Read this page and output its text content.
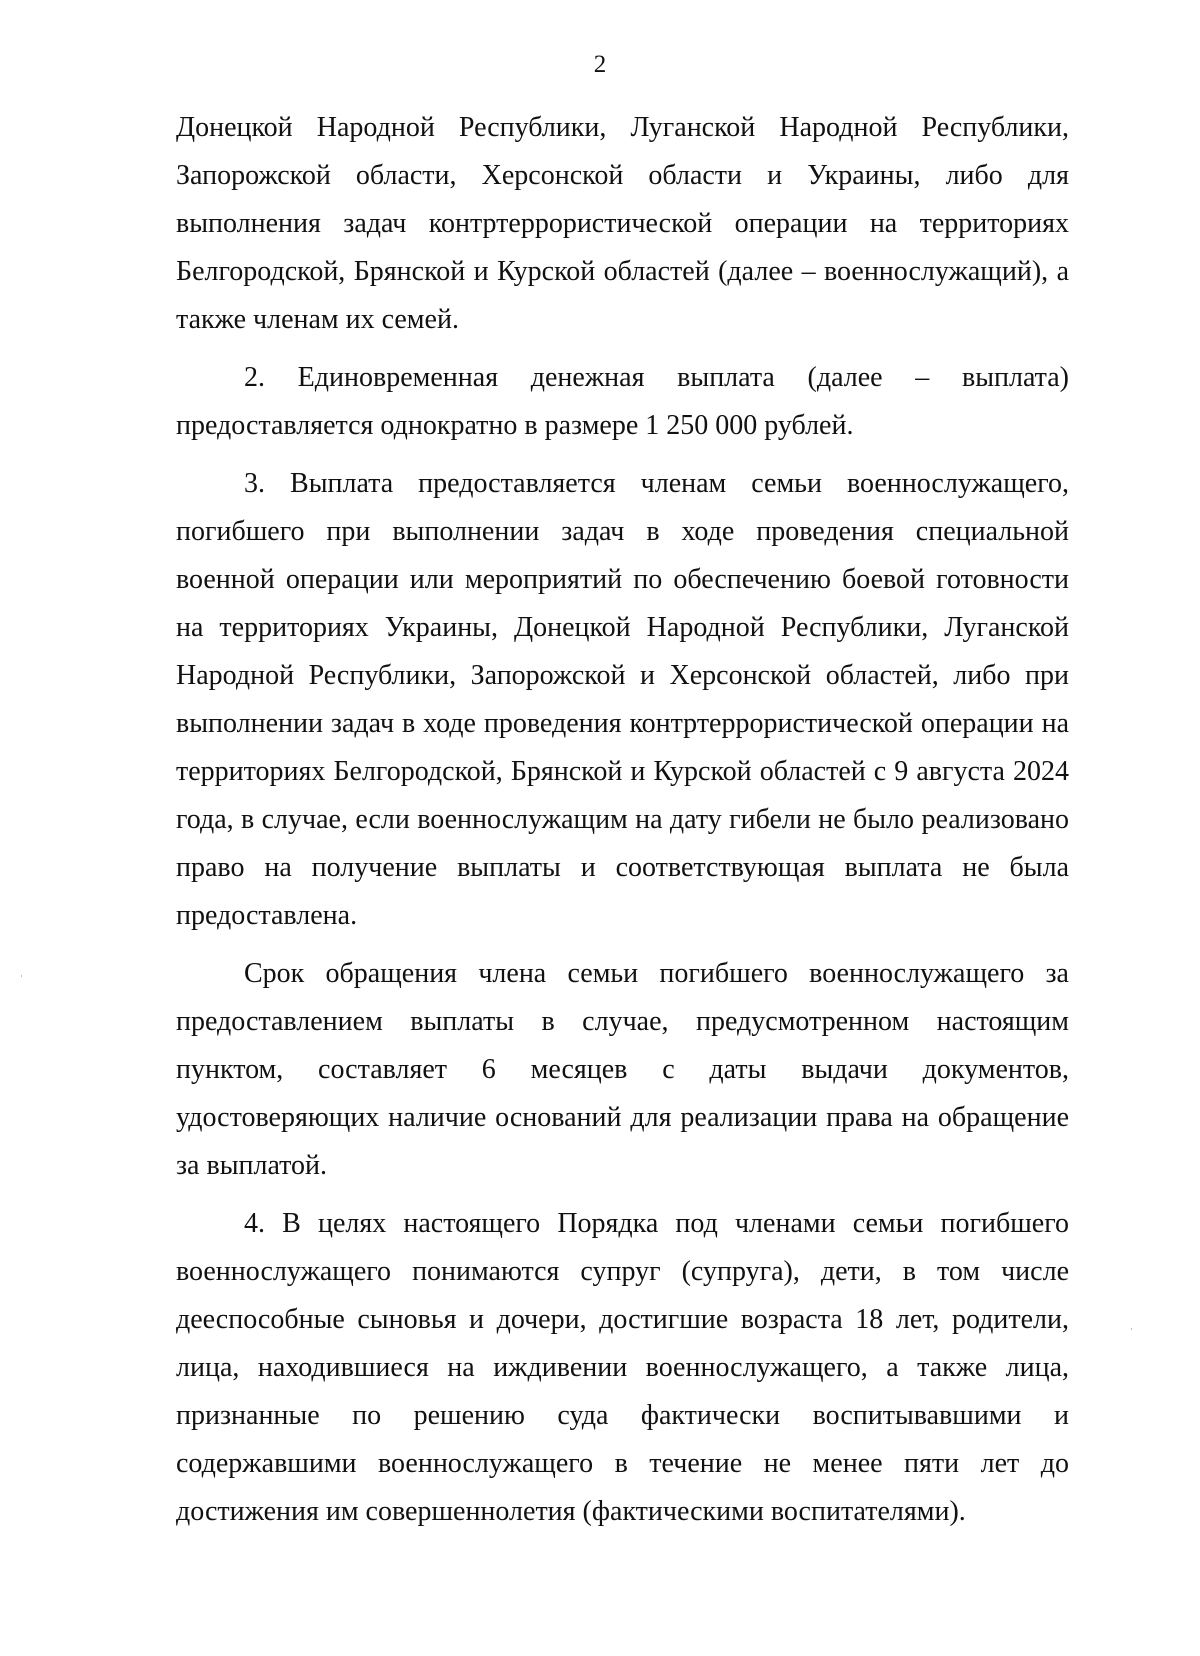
2

Донецкой Народной Республики, Луганской Народной Республики, Запорожской области, Херсонской области и Украины, либо для выполнения задач контртеррористической операции на территориях Белгородской, Брянской и Курской областей (далее – военнослужащий), а также членам их семей.

2. Единовременная денежная выплата (далее – выплата) предоставляется однократно в размере 1 250 000 рублей.

3. Выплата предоставляется членам семьи военнослужащего, погибшего при выполнении задач в ходе проведения специальной военной операции или мероприятий по обеспечению боевой готовности на территориях Украины, Донецкой Народной Республики, Луганской Народной Республики, Запорожской и Херсонской областей, либо при выполнении задач в ходе проведения контртеррористической операции на территориях Белгородской, Брянской и Курской областей с 9 августа 2024 года, в случае, если военнослужащим на дату гибели не было реализовано право на получение выплаты и соответствующая выплата не была предоставлена.

Срок обращения члена семьи погибшего военнослужащего за предоставлением выплаты в случае, предусмотренном настоящим пунктом, составляет 6 месяцев с даты выдачи документов, удостоверяющих наличие оснований для реализации права на обращение за выплатой.

4. В целях настоящего Порядка под членами семьи погибшего военнослужащего понимаются супруг (супруга), дети, в том числе дееспособные сыновья и дочери, достигшие возраста 18 лет, родители, лица, находившиеся на иждивении военнослужащего, а также лица, признанные по решению суда фактически воспитывавшими и содержавшими военнослужащего в течение не менее пяти лет до достижения им совершеннолетия (фактическими воспитателями).
